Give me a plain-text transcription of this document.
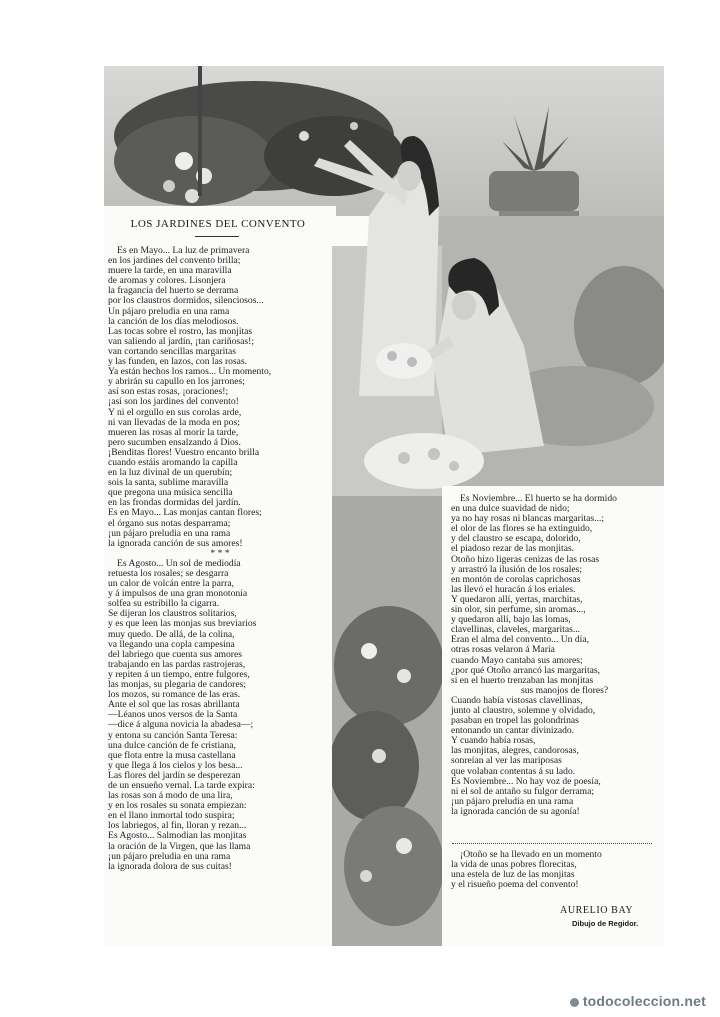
LOS JARDINES DEL CONVENTO
Es en Mayo... La luz de primavera
en los jardines del convento brilla;
muere la tarde, en una maravilla
de aromas y colores. Lisonjera
la fragancia del huerto se derrama
por los claustros dormidos, silenciosos...
Un pájaro preludia en una rama
la canción de los días melodiosos.
Las tocas sobre el rostro, las monjitas
van saliendo al jardín, ¡tan cariñosas!;
van cortando sencillas margaritas
y las funden, en lazos, con las rosas.
Ya están hechos los ramos... Un momento,
y abrirán su capullo en los jarrones;
así son estas rosas, ¡oraciones!;
¡así son los jardines del convento!
Y ni el orgullo en sus corolas arde,
ni van llevadas de la moda en pos;
mueren las rosas al morir la tarde,
pero sucumben ensalzando á Dios.
¡Benditas flores! Vuestro encanto brilla
cuando estáis aromando la capilla
en la luz divinal de un querubín;
sois la santa, sublime maravilla
que pregona una música sencilla
en las frondas dormidas del jardín.
Es en Mayo... Las monjas cantan flores;
el órgano sus notas desparrama;
¡un pájaro preludia en una rama
la ignorada canción de sus amores!
* * *
Es Agosto... Un sol de mediodía
retuesta los rosales; se desgarra
un calor de volcán entre la parra,
y á impulsos de una gran monotonía
solfea su estribillo la cigarra.
Se dijeran los claustros solitarios,
y es que leen las monjas sus breviarios
muy quedo. De allá, de la colina,
va llegando una copla campesina
del labriego que cuenta sus amores
trabajando en las pardas rastrojeras,
y repiten á un tiempo, entre fulgores,
las monjas, su plegaria de candores;
los mozos, su romance de las eras.
Ante el sol que las rosas abrillanta
—Léanos unos versos de la Santa
—dice á alguna novicia la abadesa—;
y entona su canción Santa Teresa:
una dulce canción de fe cristiana,
que flota entre la musa castellana
y que llega á los cielos y los besa...
Las flores del jardín se desperezan
de un ensueño vernal. La tarde expira:
las rosas son á modo de una lira,
y en los rosales su sonata empiezan:
en el llano inmortal todo suspira;
los labriegos, al fin, lloran y rezan...
Es Agosto... Salmodian las monjitas
la oración de la Virgen, que las llama
¡un pájaro preludia en una rama
la ignorada dolora de sus cuitas!
Es Noviembre... El huerto se ha dormido
en una dulce suavidad de nido;
ya no hay rosas ni blancas margaritas...;
el olor de las flores se ha extinguido,
y del claustro se escapa, dolorido,
el piadoso rezar de las monjitas.
Otoño hizo ligeras cenizas de las rosas
y arrastró la ilusión de los rosales;
en montón de corolas caprichosas
las llevó el huracán á los eriales.
Y quedaron allí, yertas, marchitas,
sin olor, sin perfume, sin aromas...,
y quedaron allí, bajo las lomas,
clavellinas, claveles, margaritas...
Eran el alma del convento... Un día,
otras rosas velaron á María
cuando Mayo cantaba sus amores;
¿por qué Otoño arrancó las margaritas,
si en el huerto trenzaban las monjitas
sus manojos de flores?
Cuando había vistosas clavellinas,
junto al claustro, solemne y olvidado,
pasaban en tropel las golondrinas
entonando un cantar divinizado.
Y cuando había rosas,
las monjitas, alegres, candorosas,
sonreían al ver las mariposas
que volaban contentas á su lado.
Es Noviembre... No hay voz de poesía,
ni el sol de antaño su fulgor derrama;
¡un pájaro preludia en una rama
la ignorada canción de su agonía!
¡Otoño se ha llevado en un momento
la vida de unas pobres florecitas,
una estela de luz de las monjitas
y el risueño poema del convento!
AURELIO BAY
Dibujo de Regidor.
todocoleccion.net
